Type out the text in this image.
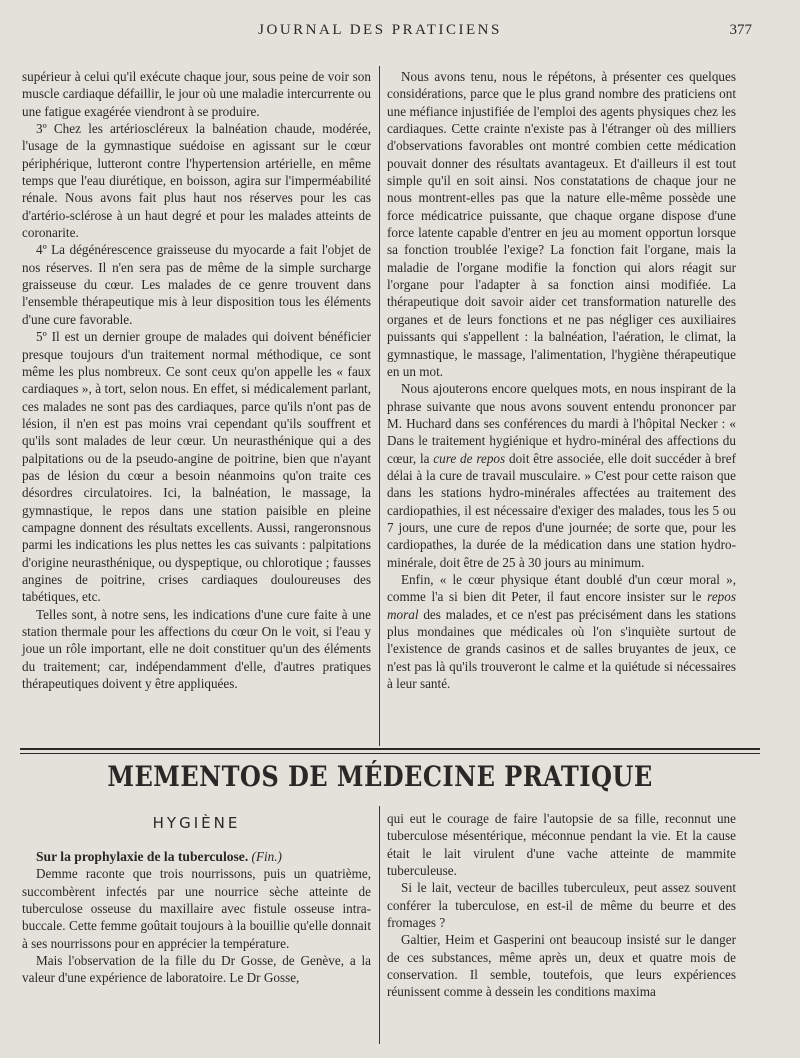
JOURNAL DES PRATICIENS	377

supérieur à celui qu'il exécute chaque jour, sous peine de voir son muscle cardiaque défaillir, le jour où une maladie intercurrente ou une fatigue exagérée viendront à se produire.

3º Chez les artérioscléreux la balnéation chaude, modérée, l'usage de la gymnastique suédoise en agissant sur le cœur périphérique, lutteront contre l'hypertension artérielle, en même temps que l'eau diurétique, en boisson, agira sur l'imperméabilité rénale. Nous avons fait plus haut nos réserves pour les cas d'artério-sclérose à un haut degré et pour les malades atteints de coronarite.

4º La dégénérescence graisseuse du myocarde a fait l'objet de nos réserves. Il n'en sera pas de même de la simple surcharge graisseuse du cœur. Les malades de ce genre trouvent dans l'ensemble thérapeutique mis à leur disposition tous les éléments d'une cure favorable.

5º Il est un dernier groupe de malades qui doivent bénéficier presque toujours d'un traitement normal méthodique, ce sont même les plus nombreux. Ce sont ceux qu'on appelle les « faux cardiaques », à tort, selon nous. En effet, si médicalement parlant, ces malades ne sont pas des cardiaques, parce qu'ils n'ont pas de lésion, il n'en est pas moins vrai cependant qu'ils souffrent et qu'ils sont malades de leur cœur. Un neurasthénique qui a des palpitations ou de la pseudo-angine de poitrine, bien que n'ayant pas de lésion du cœur a besoin néanmoins qu'on traite ces désordres circulatoires. Ici, la balnéation, le massage, la gymnastique, le repos dans une station paisible en pleine campagne donnent des résultats excellents. Aussi, rangeronsnous parmi les indications les plus nettes les cas suivants : palpitations d'origine neurasthénique, ou dyspeptique, ou chlorotique ; fausses angines de poitrine, crises cardiaques douloureuses des tabétiques, etc.

Telles sont, à notre sens, les indications d'une cure faite à une station thermale pour les affections du cœur On le voit, si l'eau y joue un rôle important, elle ne doit constituer qu'un des éléments du traitement; car, indépendamment d'elle, d'autres pratiques thérapeutiques doivent y être appliquées.

Nous avons tenu, nous le répétons, à présenter ces quelques considérations, parce que le plus grand nombre des praticiens ont une méfiance injustifiée de l'emploi des agents physiques chez les cardiaques. Cette crainte n'existe pas à l'étranger où des milliers d'observations favorables ont montré combien cette médication pouvait donner des résultats avantageux. Et d'ailleurs il est tout simple qu'il en soit ainsi. Nos constatations de chaque jour ne nous montrent-elles pas que la nature elle-même possède une force médicatrice puissante, que chaque organe dispose d'une force latente capable d'entrer en jeu au moment opportun lorsque sa fonction troublée l'exige? La fonction fait l'organe, mais la maladie de l'organe modifie la fonction qui alors réagit sur l'organe pour l'adapter à sa fonction ainsi modifiée. La thérapeutique doit savoir aider cet transformation naturelle des organes et de leurs fonctions et ne pas négliger ces auxiliaires puissants qui s'appellent : la balnéation, l'aération, le climat, la gymnastique, le massage, l'alimentation, l'hygiène thérapeutique en un mot.

Nous ajouterons encore quelques mots, en nous inspirant de la phrase suivante que nous avons souvent entendu prononcer par M. Huchard dans ses conférences du mardi à l'hôpital Necker : « Dans le traitement hygiénique et hydro-minéral des affections du cœur, la cure de repos doit être associée, elle doit succéder à bref délai à la cure de travail musculaire. » C'est pour cette raison que dans les stations hydro-minérales affectées au traitement des cardiopathies, il est nécessaire d'exiger des malades, tous les 5 ou 7 jours, une cure de repos d'une journée; de sorte que, pour les cardiopathes, la durée de la médication dans une station hydro-minérale, doit être de 25 à 30 jours au minimum.

Enfin, « le cœur physique étant doublé d'un cœur moral », comme l'a si bien dit Peter, il faut encore insister sur le repos moral des malades, et ce n'est pas précisément dans les stations plus mondaines que médicales où l'on s'inquiète surtout de l'existence de grands casinos et de salles bruyantes de jeux, ce n'est pas là qu'ils trouveront le calme et la quiétude si nécessaires à leur santé.

MEMENTOS DE MÉDECINE PRATIQUE
HYGIÈNE

Sur la prophylaxie de la tuberculose. (Fin.)

Demme raconte que trois nourrissons, puis un quatrième, succombèrent infectés par une nourrice sèche atteinte de tuberculose osseuse du maxillaire avec fistule osseuse intra-buccale. Cette femme goûtait toujours à la bouillie qu'elle donnait à ses nourrissons pour en apprécier la température.

Mais l'observation de la fille du Dr Gosse, de Genève, a la valeur d'une expérience de laboratoire. Le Dr Gosse,

qui eut le courage de faire l'autopsie de sa fille, reconnut une tuberculose mésentérique, méconnue pendant la vie. Et la cause était le lait virulent d'une vache atteinte de mammite tuberculeuse.

Si le lait, vecteur de bacilles tuberculeux, peut assez souvent conférer la tuberculose, en est-il de même du beurre et des fromages ?

Galtier, Heim et Gasperini ont beaucoup insisté sur le danger de ces substances, même après un, deux et quatre mois de conservation. Il semble, toutefois, que leurs expériences réunissent comme à dessein les conditions maxima
